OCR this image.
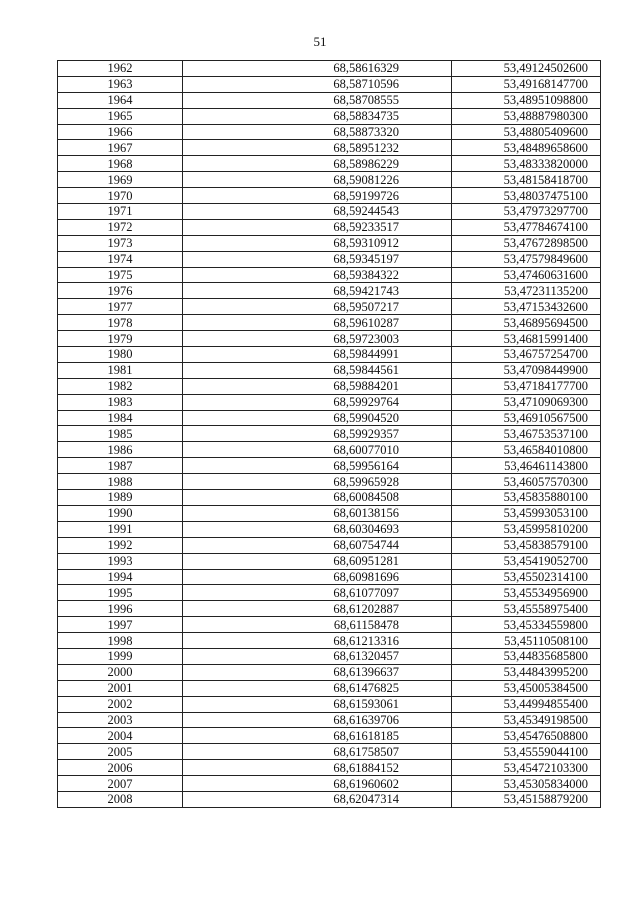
51
1962	68,58616329	53,49124502600
1963	68,58710596	53,49168147700
1964	68,58708555	53,48951098800
1965	68,58834735	53,48887980300
1966	68,58873320	53,48805409600
1967	68,58951232	53,48489658600
1968	68,58986229	53,48333820000
1969	68,59081226	53,48158418700
1970	68,59199726	53,48037475100
1971	68,59244543	53,47973297700
1972	68,59233517	53,47784674100
1973	68,59310912	53,47672898500
1974	68,59345197	53,47579849600
1975	68,59384322	53,47460631600
1976	68,59421743	53,47231135200
1977	68,59507217	53,47153432600
1978	68,59610287	53,46895694500
1979	68,59723003	53,46815991400
1980	68,59844991	53,46757254700
1981	68,59844561	53,47098449900
1982	68,59884201	53,47184177700
1983	68,59929764	53,47109069300
1984	68,59904520	53,46910567500
1985	68,59929357	53,46753537100
1986	68,60077010	53,46584010800
1987	68,59956164	53,46461143800
1988	68,59965928	53,46057570300
1989	68,60084508	53,45835880100
1990	68,60138156	53,45993053100
1991	68,60304693	53,45995810200
1992	68,60754744	53,45838579100
1993	68,60951281	53,45419052700
1994	68,60981696	53,45502314100
1995	68,61077097	53,45534956900
1996	68,61202887	53,45558975400
1997	68,61158478	53,45334559800
1998	68,61213316	53,45110508100
1999	68,61320457	53,44835685800
2000	68,61396637	53,44843995200
2001	68,61476825	53,45005384500
2002	68,61593061	53,44994855400
2003	68,61639706	53,45349198500
2004	68,61618185	53,45476508800
2005	68,61758507	53,45559044100
2006	68,61884152	53,45472103300
2007	68,61960602	53,45305834000
2008	68,62047314	53,45158879200
